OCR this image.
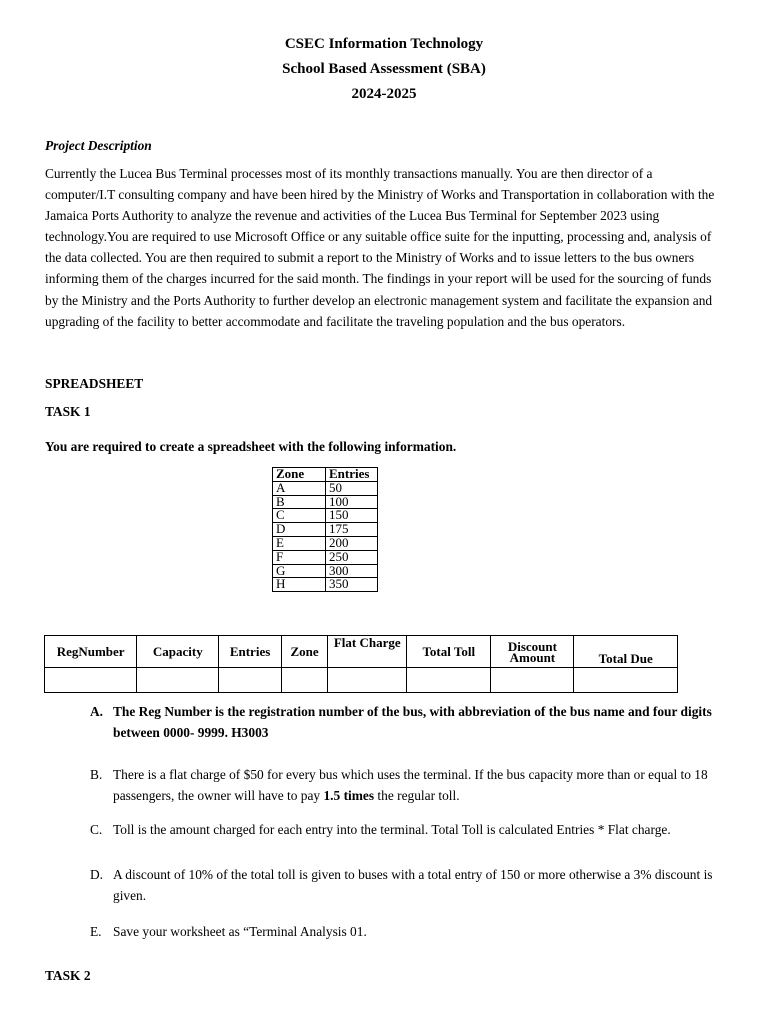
CSEC Information Technology
School Based Assessment (SBA)
2024-2025
Project Description
Currently the Lucea Bus Terminal processes most of its monthly transactions manually. You are then director of a computer/I.T consulting company and have been hired by the Ministry of Works and Transportation in collaboration with the Jamaica Ports Authority to analyze the revenue and activities of the Lucea Bus Terminal for September 2023 using technology.You are required to use Microsoft Office or any suitable office suite for the inputting, processing and, analysis of the data collected. You are then required to submit a report to the Ministry of Works and to issue letters to the bus owners informing them of the charges incurred for the said month. The findings in your report will be used for the sourcing of funds by the Ministry and the Ports Authority to further develop an electronic management system and facilitate the expansion and upgrading of the facility to better accommodate and facilitate the traveling population and the bus operators.
SPREADSHEET
TASK 1
You are required to create a spreadsheet with the following information.
Zone	Entries
A	50
B	100
C	150
D	175
E	200
F	250
G	300
H	350
RegNumber	Capacity	Entries	Zone	Flat Charge	Total Toll	Discount Amount	Total Due

A. The Reg Number is the registration number of the bus, with abbreviation of the bus name and four digits between 0000- 9999. H3003
B. There is a flat charge of $50 for every bus which uses the terminal. If the bus capacity more than or equal to 18 passengers, the owner will have to pay 1.5 times the regular toll.
C. Toll is the amount charged for each entry into the terminal. Total Toll is calculated Entries * Flat charge.
D. A discount of 10% of the total toll is given to buses with a total entry of 150 or more otherwise a 3% discount is given.
E. Save your worksheet as “Terminal Analysis 01.
TASK 2
